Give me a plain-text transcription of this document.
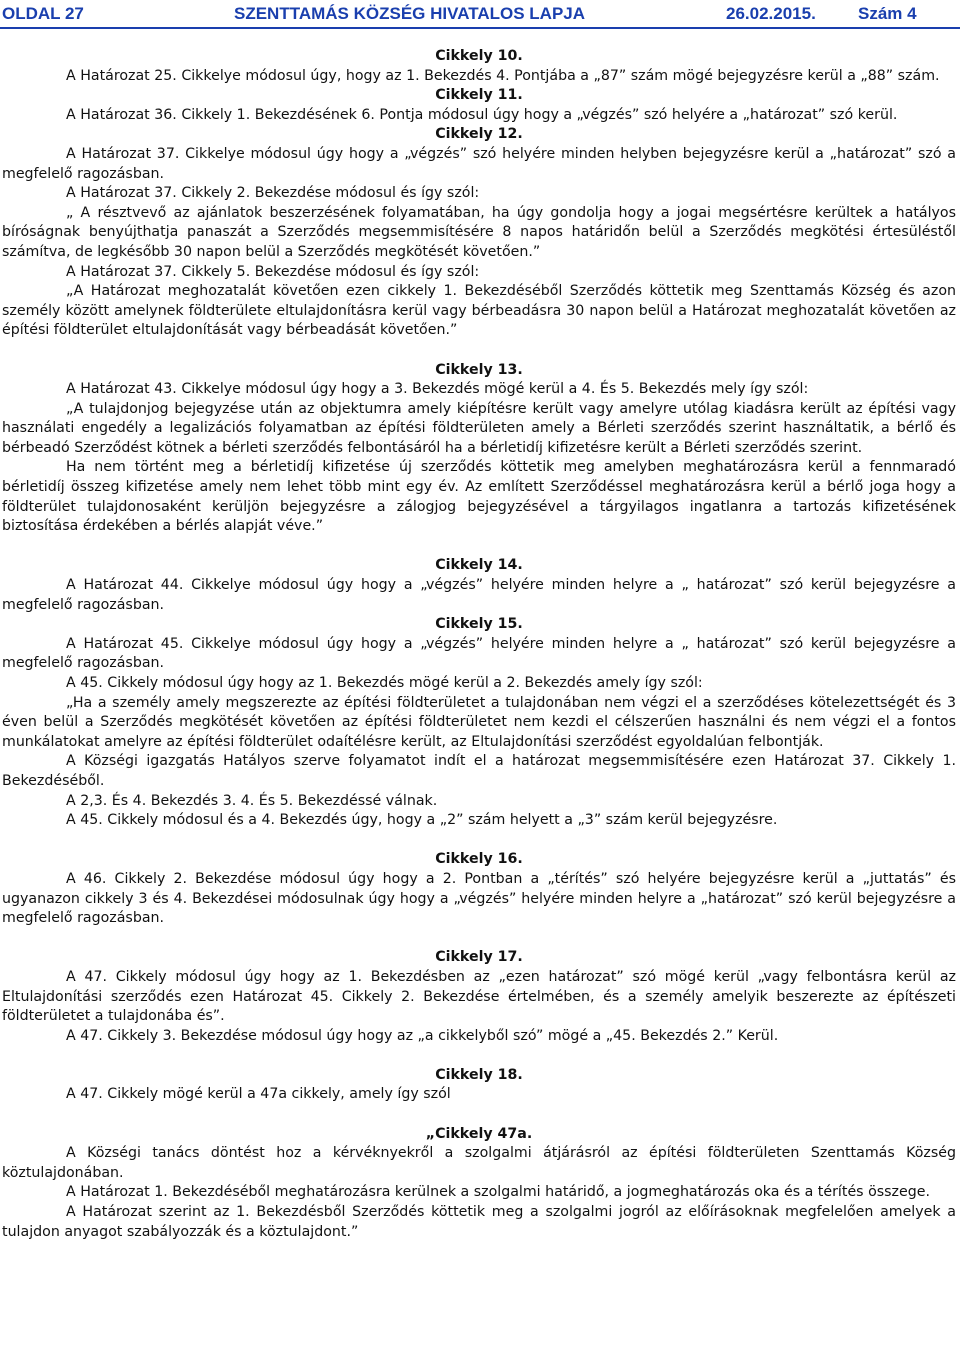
OLDAL 27	SZENTTAMÁS KÖZSÉG HIVATALOS LAPJA	26.02.2015. Szám 4

Cikkely 10.

A Határozat 25. Cikkelye módosul úgy, hogy az 1. Bekezdés 4. Pontjába a „87” szám mögé bejegyzésre kerül a „88” szám.

Cikkely 11.

A Határozat 36. Cikkely 1. Bekezdésének 6. Pontja módosul úgy hogy a „végzés” szó helyére a „határozat” szó kerül.

Cikkely 12.

A Határozat 37. Cikkelye módosul úgy hogy a „végzés” szó helyére minden helyben bejegyzésre kerül a „határozat” szó a megfelelő ragozásban.

A Határozat 37. Cikkely 2. Bekezdése módosul és így szól:

„ A résztvevő az ajánlatok beszerzésének folyamatában, ha úgy gondolja hogy a jogai megsértésre kerültek a hatályos bíróságnak benyújthatja panaszát a Szerződés megsemmisítésére 8 napos határidőn belül a Szerződés megkötési értesüléstől számítva, de legkésőbb 30 napon belül a Szerződés megkötését követően.”

A Határozat 37. Cikkely 5. Bekezdése módosul és így szól:

„A Határozat meghozatalát követően ezen cikkely 1. Bekezdéséből Szerződés köttetik meg Szenttamás Község és azon személy között amelynek földterülete eltulajdonításra kerül vagy bérbeadásra 30 napon belül a Határozat meghozatalát követően az építési földterület eltulajdonítását vagy bérbeadását követően.”

Cikkely 13.

A Határozat 43. Cikkelye módosul úgy hogy a 3. Bekezdés mögé kerül a 4. És 5. Bekezdés mely így szól:

„A tulajdonjog bejegyzése után az objektumra amely kiépítésre került vagy amelyre utólag kiadásra került az építési vagy használati engedély a legalizációs folyamatban az építési földterületen amely a Bérleti szerződés szerint használtatik, a bérlő és bérbeadó Szerződést kötnek a bérleti szerződés felbontásáról ha a bérletidíj kifizetésre került a Bérleti szerződés szerint.

Ha nem történt meg a bérletidíj kifizetése új szerződés köttetik meg amelyben meghatározásra kerül a fennmaradó bérletidíj összeg kifizetése amely nem lehet több mint egy év. Az említett Szerződéssel meghatározásra kerül a bérlő joga hogy a földterület tulajdonosaként kerüljön bejegyzésre a zálogjog bejegyzésével a tárgyilagos ingatlanra a tartozás kifizetésének biztosítása érdekében a bérlés alapját véve.”

Cikkely 14.

A Határozat 44. Cikkelye módosul úgy hogy a „végzés” helyére minden helyre a „ határozat” szó kerül bejegyzésre a megfelelő ragozásban.

Cikkely 15.

A Határozat 45. Cikkelye módosul úgy hogy a „végzés” helyére minden helyre a „ határozat” szó kerül bejegyzésre a megfelelő ragozásban.

A 45. Cikkely módosul úgy hogy az 1. Bekezdés mögé kerül a 2. Bekezdés amely így szól:

„Ha a személy amely megszerezte az építési földterületet a tulajdonában nem végzi el a szerződéses kötelezettségét és 3 éven belül a Szerződés megkötését követően az építési földterületet nem kezdi el célszerűen használni és nem végzi el a fontos munkálatokat amelyre az építési földterület odaítélésre került, az Eltulajdonítási szerződést egyoldalúan felbontják.

A Községi igazgatás Hatályos szerve folyamatot indít el a határozat megsemmisítésére ezen Határozat 37. Cikkely 1. Bekezdéséből.

A 2,3. És 4. Bekezdés 3. 4. És 5. Bekezdéssé válnak.

A 45. Cikkely módosul és a 4. Bekezdés úgy, hogy a „2” szám helyett a „3” szám kerül bejegyzésre.

Cikkely 16.

A 46. Cikkely 2. Bekezdése módosul úgy hogy a 2. Pontban a „térítés” szó helyére bejegyzésre kerül a „juttatás” és ugyanazon cikkely 3 és 4. Bekezdései módosulnak úgy hogy a „végzés” helyére minden helyre a „határozat” szó kerül bejegyzésre a megfelelő ragozásban.

Cikkely 17.

A 47. Cikkely módosul úgy hogy az 1. Bekezdésben az „ezen határozat” szó mögé kerül „vagy felbontásra kerül az Eltulajdonítási szerződés ezen Határozat 45. Cikkely 2. Bekezdése értelmében, és a személy amelyik beszerezte az építészeti földterületet a tulajdonába és”.

A 47. Cikkely 3. Bekezdése módosul úgy hogy az „a cikkelyből szó” mögé a „45. Bekezdés 2.” Kerül.

Cikkely 18.

A 47. Cikkely mögé kerül a 47a cikkely, amely így szól

„Cikkely 47a.

A Községi tanács döntést hoz a kérvéknyekről a szolgalmi átjárásról az építési földterületen Szenttamás Község köztulajdonában.

A Határozat 1. Bekezdéséből meghatározásra kerülnek a szolgalmi határidő, a jogmeghatározás oka és a térítés összege.

A Határozat szerint az 1. Bekezdésből Szerződés köttetik meg a szolgalmi jogról az előírásoknak megfelelően amelyek a tulajdon anyagot szabályozzák és a köztulajdont.”
